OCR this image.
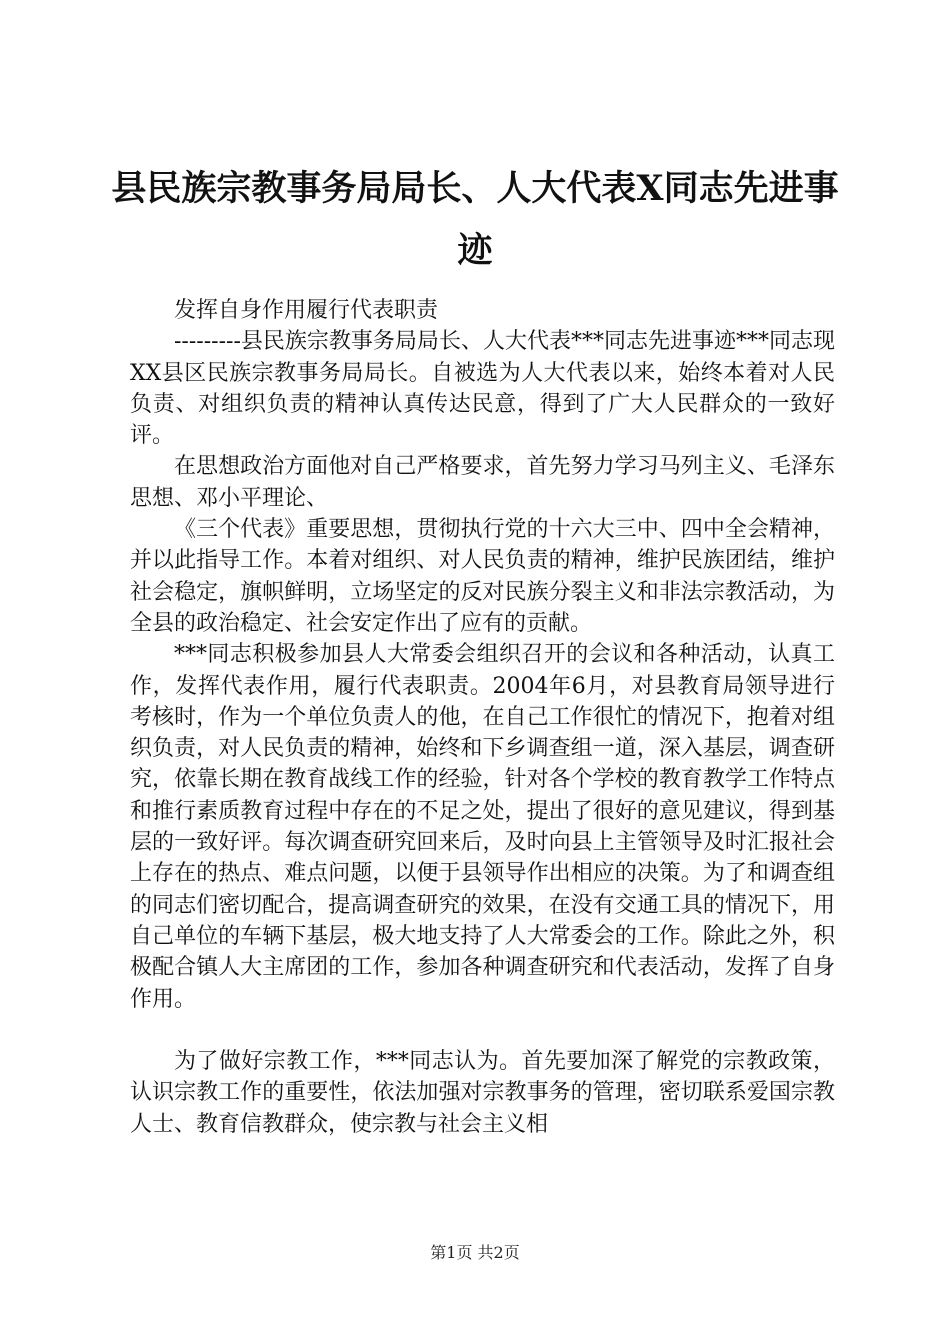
县民族宗教事务局局长、人大代表X同志先进事迹

发挥自身作用履行代表职责

---------县民族宗教事务局局长、人大代表***同志先进事迹***同志现XX县区民族宗教事务局局长。自被选为人大代表以来，始终本着对人民负责、对组织负责的精神认真传达民意，得到了广大人民群众的一致好评。

在思想政治方面他对自己严格要求，首先努力学习马列主义、毛泽东思想、邓小平理论、

《三个代表》重要思想，贯彻执行党的十六大三中、四中全会精神，并以此指导工作。本着对组织、对人民负责的精神，维护民族团结，维护社会稳定，旗帜鲜明，立场坚定的反对民族分裂主义和非法宗教活动，为全县的政治稳定、社会安定作出了应有的贡献。

***同志积极参加县人大常委会组织召开的会议和各种活动，认真工作，发挥代表作用，履行代表职责。2004年6月，对县教育局领导进行考核时，作为一个单位负责人的他，在自己工作很忙的情况下，抱着对组织负责，对人民负责的精神，始终和下乡调查组一道，深入基层，调查研究，依靠长期在教育战线工作的经验，针对各个学校的教育教学工作特点和推行素质教育过程中存在的不足之处，提出了很好的意见建议，得到基层的一致好评。每次调查研究回来后，及时向县上主管领导及时汇报社会上存在的热点、难点问题，以便于县领导作出相应的决策。为了和调查组的同志们密切配合，提高调查研究的效果，在没有交通工具的情况下，用自己单位的车辆下基层，极大地支持了人大常委会的工作。除此之外，积极配合镇人大主席团的工作，参加各种调查研究和代表活动，发挥了自身作用。

为了做好宗教工作，***同志认为。首先要加深了解党的宗教政策，认识宗教工作的重要性，依法加强对宗教事务的管理，密切联系爱国宗教人士、教育信教群众，使宗教与社会主义相

第1页 共2页
